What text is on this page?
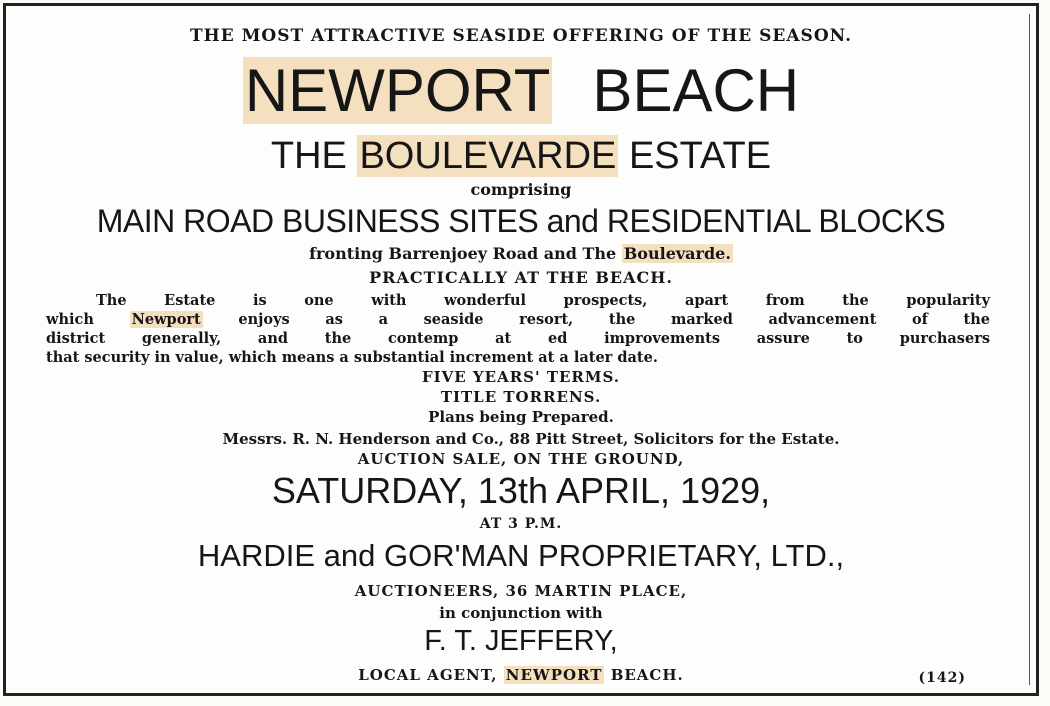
THE MOST ATTRACTIVE SEASIDE OFFERING OF THE SEASON.
NEWPORT BEACH
THE BOULEVARDE ESTATE
comprising
MAIN ROAD BUSINESS SITES and RESIDENTIAL BLOCKS
fronting Barrenjoey Road and The Boulevarde.
PRACTICALLY AT THE BEACH.
The Estate is one with wonderful prospects, apart from the popularity
which	Newport	enjoys as a seaside resort, the marked advancement of the
district generally, and the contemp at ed improvements assure to purchasers
that security in value, which means a substantial increment at a later date.
FIVE YEARS' TERMS.
TITLE TORRENS.
Plans being Prepared.
Messrs. R. N. Henderson and Co., 88 Pitt Street, Solicitors for the Estate.
AUCTION SALE, ON THE GROUND,
SATURDAY, 13th APRIL, 1929,
AT 3 P.M.
HARDIE and GOR'MAN PROPRIETARY, LTD.,
AUCTIONEERS, 36 MARTIN PLACE,
in conjunction with
F. T. JEFFERY,
LOCAL AGENT, NEWPORT BEACH.	(142)
